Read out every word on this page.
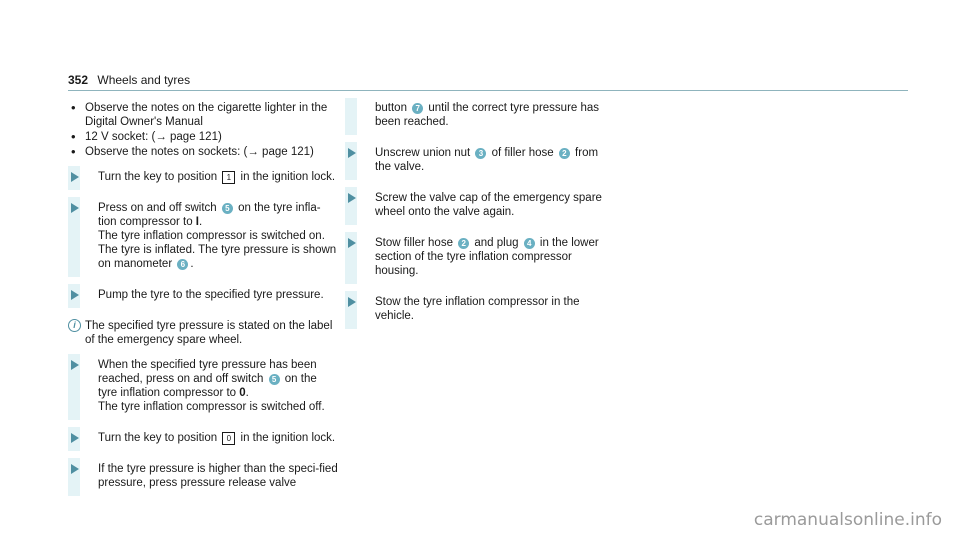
352 Wheels and tyres
• Observe the notes on the cigarette lighter in the Digital Owner's Manual
• 12 V socket: (→ page 121)
• Observe the notes on sockets: (→ page 121)
Turn the key to position 1 in the ignition lock.
Press on and off switch 5 on the tyre infla-tion compressor to I.
The tyre inflation compressor is switched on. The tyre is inflated. The tyre pressure is shown on manometer 6 .
Pump the tyre to the specified tyre pressure.
i The specified tyre pressure is stated on the label of the emergency spare wheel.
When the specified tyre pressure has been reached, press on and off switch 5 on the tyre inflation compressor to 0.
The tyre inflation compressor is switched off.
Turn the key to position 0 in the ignition lock.
If the tyre pressure is higher than the speci-fied pressure, press pressure release valve
button 7 until the correct tyre pressure has been reached.
Unscrew union nut 3 of filler hose 2 from the valve.
Screw the valve cap of the emergency spare wheel onto the valve again.
Stow filler hose 2 and plug 4 in the lower section of the tyre inflation compressor housing.
Stow the tyre inflation compressor in the vehicle.
carmanualsonline.info
